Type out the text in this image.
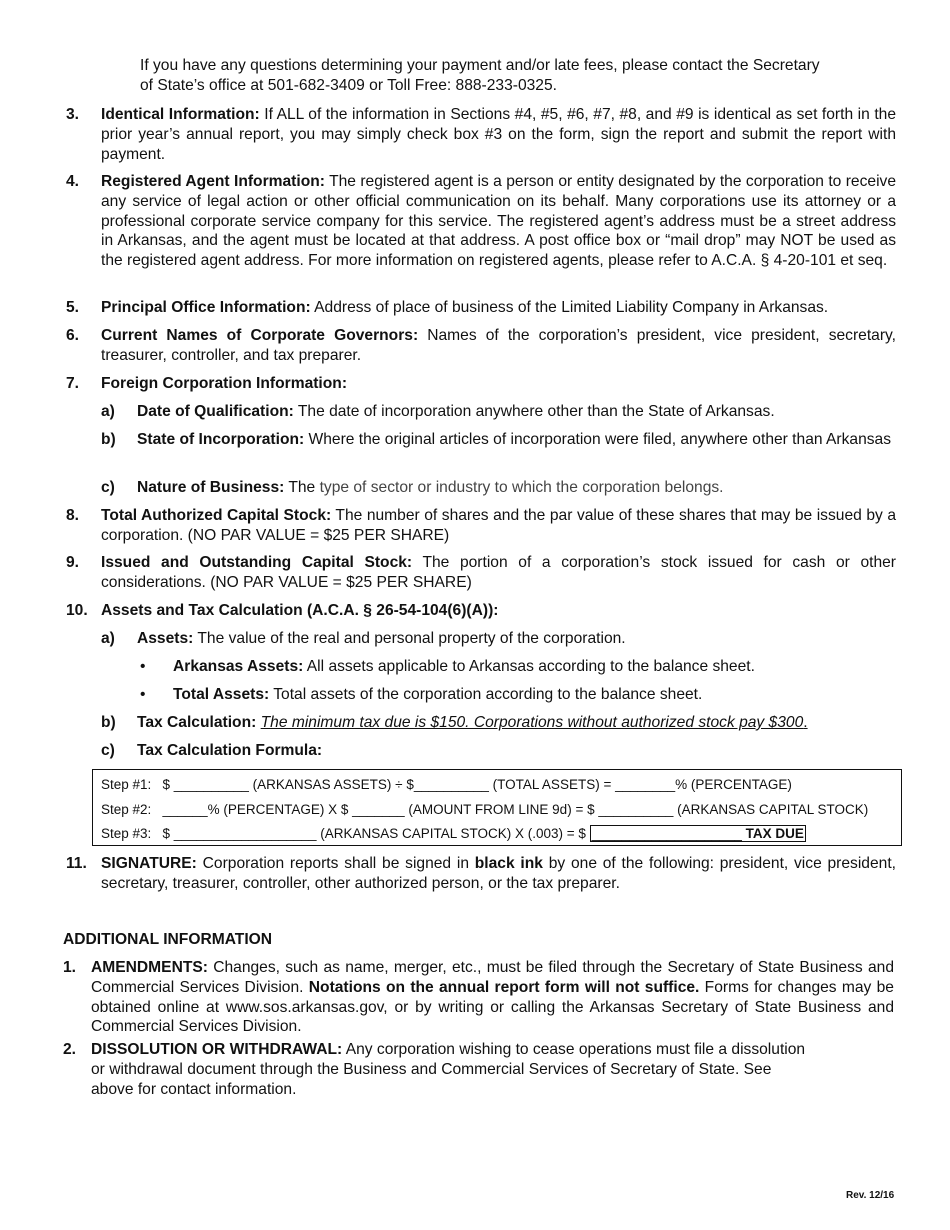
If you have any questions determining your payment and/or late fees, please contact the Secretary
of State’s office at 501-682-3409 or Toll Free: 888-233-0325.
3. Identical Information: If ALL of the information in Sections #4, #5, #6, #7, #8, and #9 is identical as set forth in the prior year’s annual report, you may simply check box #3 on the form, sign the report and submit the report with payment.
4. Registered Agent Information: The registered agent is a person or entity designated by the corporation to receive any service of legal action or other official communication on its behalf. Many corporations use its attorney or a professional corporate service company for this service. The registered agent’s address must be a street address in Arkansas, and the agent must be located at that address. A post office box or “mail drop” may NOT be used as the registered agent address. For more information on registered agents, please refer to A.C.A. § 4-20-101 et seq.
5. Principal Office Information: Address of place of business of the Limited Liability Company in Arkansas.
6. Current Names of Corporate Governors: Names of the corporation’s president, vice president, secretary, treasurer, controller, and tax preparer.
7. Foreign Corporation Information:
a) Date of Qualification: The date of incorporation anywhere other than the State of Arkansas.
b) State of Incorporation: Where the original articles of incorporation were filed, anywhere other than Arkansas
c) Nature of Business: The type of sector or industry to which the corporation belongs.
8. Total Authorized Capital Stock: The number of shares and the par value of these shares that may be issued by a corporation. (NO PAR VALUE = $25 PER SHARE)
9. Issued and Outstanding Capital Stock: The portion of a corporation’s stock issued for cash or other considerations. (NO PAR VALUE = $25 PER SHARE)
10. Assets and Tax Calculation (A.C.A. § 26-54-104(6)(A)):
a) Assets: The value of the real and personal property of the corporation.
• Arkansas Assets: All assets applicable to Arkansas according to the balance sheet.
• Total Assets: Total assets of the corporation according to the balance sheet.
b) Tax Calculation: The minimum tax due is $150. Corporations without authorized stock pay $300.
c) Tax Calculation Formula:
Step #1:   $ __________ (ARKANSAS ASSETS) ÷ $__________ (TOTAL ASSETS) = ________% (PERCENTAGE)
Step #2:   ______% (PERCENTAGE) X $ _______ (AMOUNT FROM LINE 9d) = $ __________ (ARKANSAS CAPITAL STOCK)
Step #3:   $ ___________________ (ARKANSAS CAPITAL STOCK) X (.003) = $ ____________________ TAX DUE
11. SIGNATURE: Corporation reports shall be signed in black ink by one of the following: president, vice president, secretary, treasurer, controller, other authorized person, or the tax preparer.
ADDITIONAL INFORMATION
1. AMENDMENTS: Changes, such as name, merger, etc., must be filed through the Secretary of State Business and Commercial Services Division. Notations on the annual report form will not suffice. Forms for changes may be obtained online at www.sos.arkansas.gov, or by writing or calling the Arkansas Secretary of State Business and Commercial Services Division.
2. DISSOLUTION OR WITHDRAWAL: Any corporation wishing to cease operations must file a dissolution
or withdrawal document through the Business and Commercial Services of Secretary of State. See
above for contact information.
Rev. 12/16
